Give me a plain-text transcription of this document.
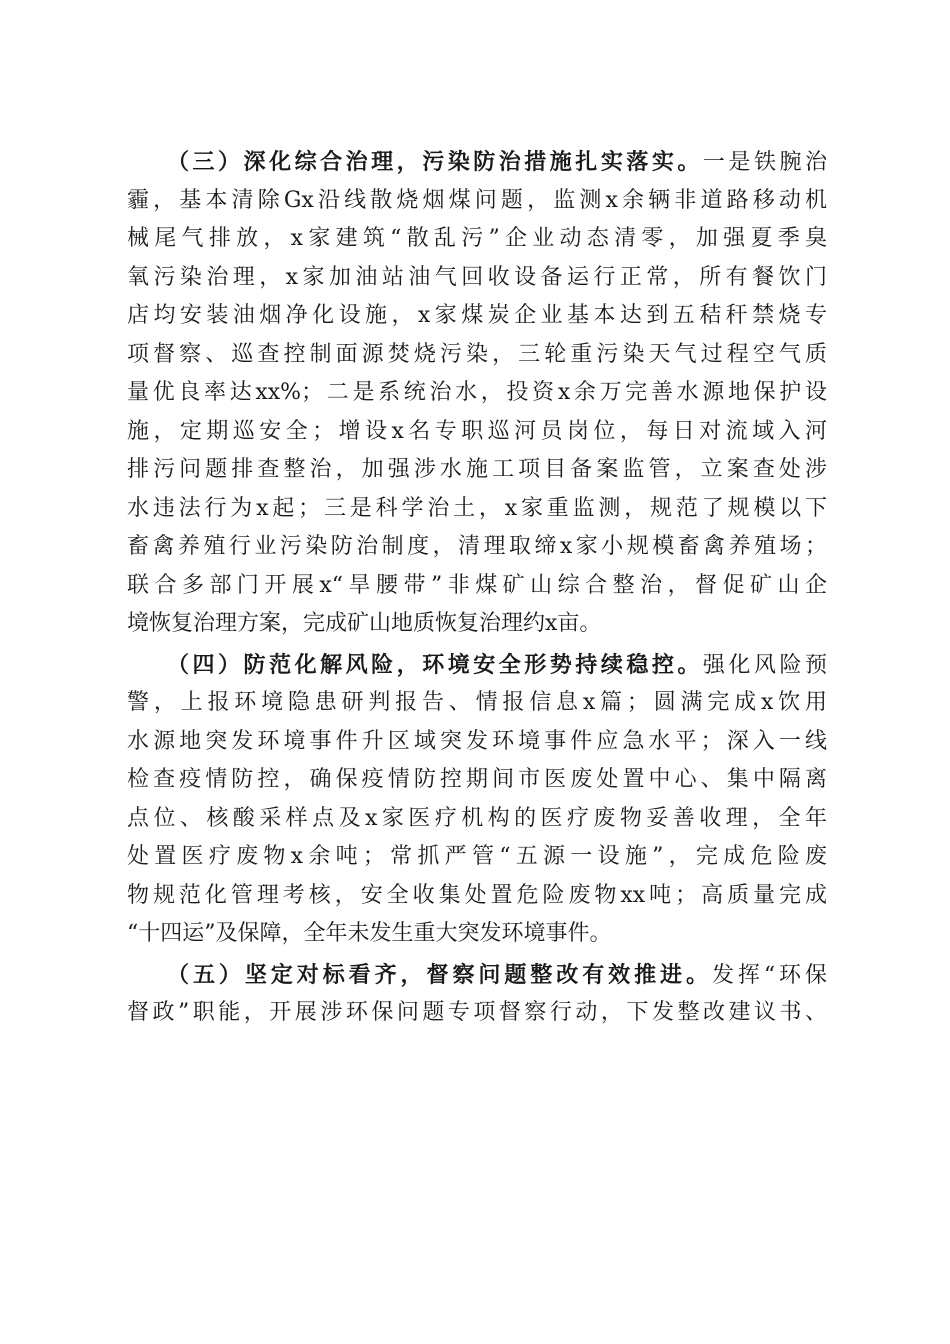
（三）深化综合治理，污染防治措施扎实落实。一是铁腕治
霾，基本清除Gx沿线散烧烟煤问题，监测x余辆非道路移动机
械尾气排放，x家建筑“散乱污”企业动态清零，加强夏季臭
氧污染治理，x家加油站油气回收设备运行正常，所有餐饮门
店均安装油烟净化设施，x家煤炭企业基本达到五秸秆禁烧专
项督察、巡查控制面源焚烧污染，三轮重污染天气过程空气质
量优良率达xx%；二是系统治水，投资x余万完善水源地保护设
施，定期巡安全；增设x名专职巡河员岗位，每日对流域入河
排污问题排查整治，加强涉水施工项目备案监管，立案查处涉
水违法行为x起；三是科学治土，x家重监测，规范了规模以下
畜禽养殖行业污染防治制度，清理取缔x家小规模畜禽养殖场；
联合多部门开展x“旱腰带”非煤矿山综合整治，督促矿山企
境恢复治理方案，完成矿山地质恢复治理约x亩。
（四）防范化解风险，环境安全形势持续稳控。强化风险预
警，上报环境隐患研判报告、情报信息x篇；圆满完成x饮用
水源地突发环境事件升区域突发环境事件应急水平；深入一线
检查疫情防控，确保疫情防控期间市医废处置中心、集中隔离
点位、核酸采样点及x家医疗机构的医疗废物妥善收理，全年
处置医疗废物x余吨；常抓严管“五源一设施”，完成危险废
物规范化管理考核，安全收集处置危险废物xx吨；高质量完成
“十四运”及保障，全年未发生重大突发环境事件。
（五）坚定对标看齐，督察问题整改有效推进。发挥“环保
督政”职能，开展涉环保问题专项督察行动，下发整改建议书、
